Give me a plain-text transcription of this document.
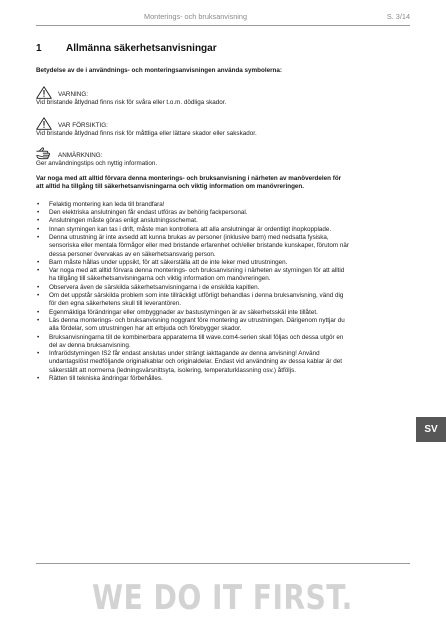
Monterings- och bruksanvisning	S. 3/14
1 Allmänna säkerhetsanvisningar

Betydelse av de i användnings- och monteringsanvisningen använda symbolerna:

VARNING:

Vid bristande åtlydnad finns risk för svåra eller t.o.m. dödliga skador.

VAR FÖRSIKTIG:

Vid bristande åtlydnad finns risk för måttliga eller lättare skador eller sakskador.

ANMÄRKNING:

Ger användningstips och nyttig information.

Var noga med att alltid förvara denna monterings- och bruksanvisning i närheten av manöverdelen för
att alltid ha tillgång till säkerhetsanvisningarna och viktig information om manövreringen.
• Felaktig montering kan leda till brandfara!
• Den elektriska anslutningen får endast utföras av behörig fackpersonal.
• Anslutningen måste göras enligt anslutningsschemat.
• Innan styrningen kan tas i drift, måste man kontrollera att alla anslutningar är ordentligt ihopkopplade.
• Denna utrustning är inte avsedd att kunna brukas av personer (inklusive barn) med nedsatta fysiska,
sensoriska eller mentala förmågor eller med bristande erfarenhet och/eller bristande kunskaper, förutom när
dessa personer övervakas av en säkerhetsansvarig person.
• Barn måste hållas under uppsikt, för att säkerställa att de inte leker med utrustningen.
• Var noga med att alltid förvara denna monterings- och bruksanvisning i närheten av styrningen för att alltid
ha tillgång till säkerhetsanvisningarna och viktig information om manövreringen.
• Observera även de särskilda säkerhetsanvisningarna i de enskilda kapitlen.
• Om det uppstår särskilda problem som inte tillräckligt utförligt behandlas i denna bruksanvisning, vänd dig
för den egna säkerhetens skull till leverantören.
• Egenmäktiga förändringar eller ombyggnader av bastustyrningen är av säkerhetsskäl inte tillåtet.
• Läs denna monterings- och bruksanvisning noggrant före montering av utrustningen. Därigenom nyttjar du
alla fördelar, som utrustningen har att erbjuda och förebygger skador.
• Bruksanvisningarna till de kombinerbara apparaterna till wave.com4-serien skall följas och dessa utgör en
del av denna bruksanvisning.
• Infrarödstyrningen IS2 får endast anslutas under strängt iakttagande av denna anvisning! Använd
undantagslöst medföljande originalkablar och originaldelar. Endast vid användning av dessa kablar är det
säkerställt att normerna (ledningsvärsnittsyta, isolering, temperaturklassning osv.) åtföljs.
• Rätten till tekniska ändringar förbehålles.
SV
WE DO IT FIRST.
